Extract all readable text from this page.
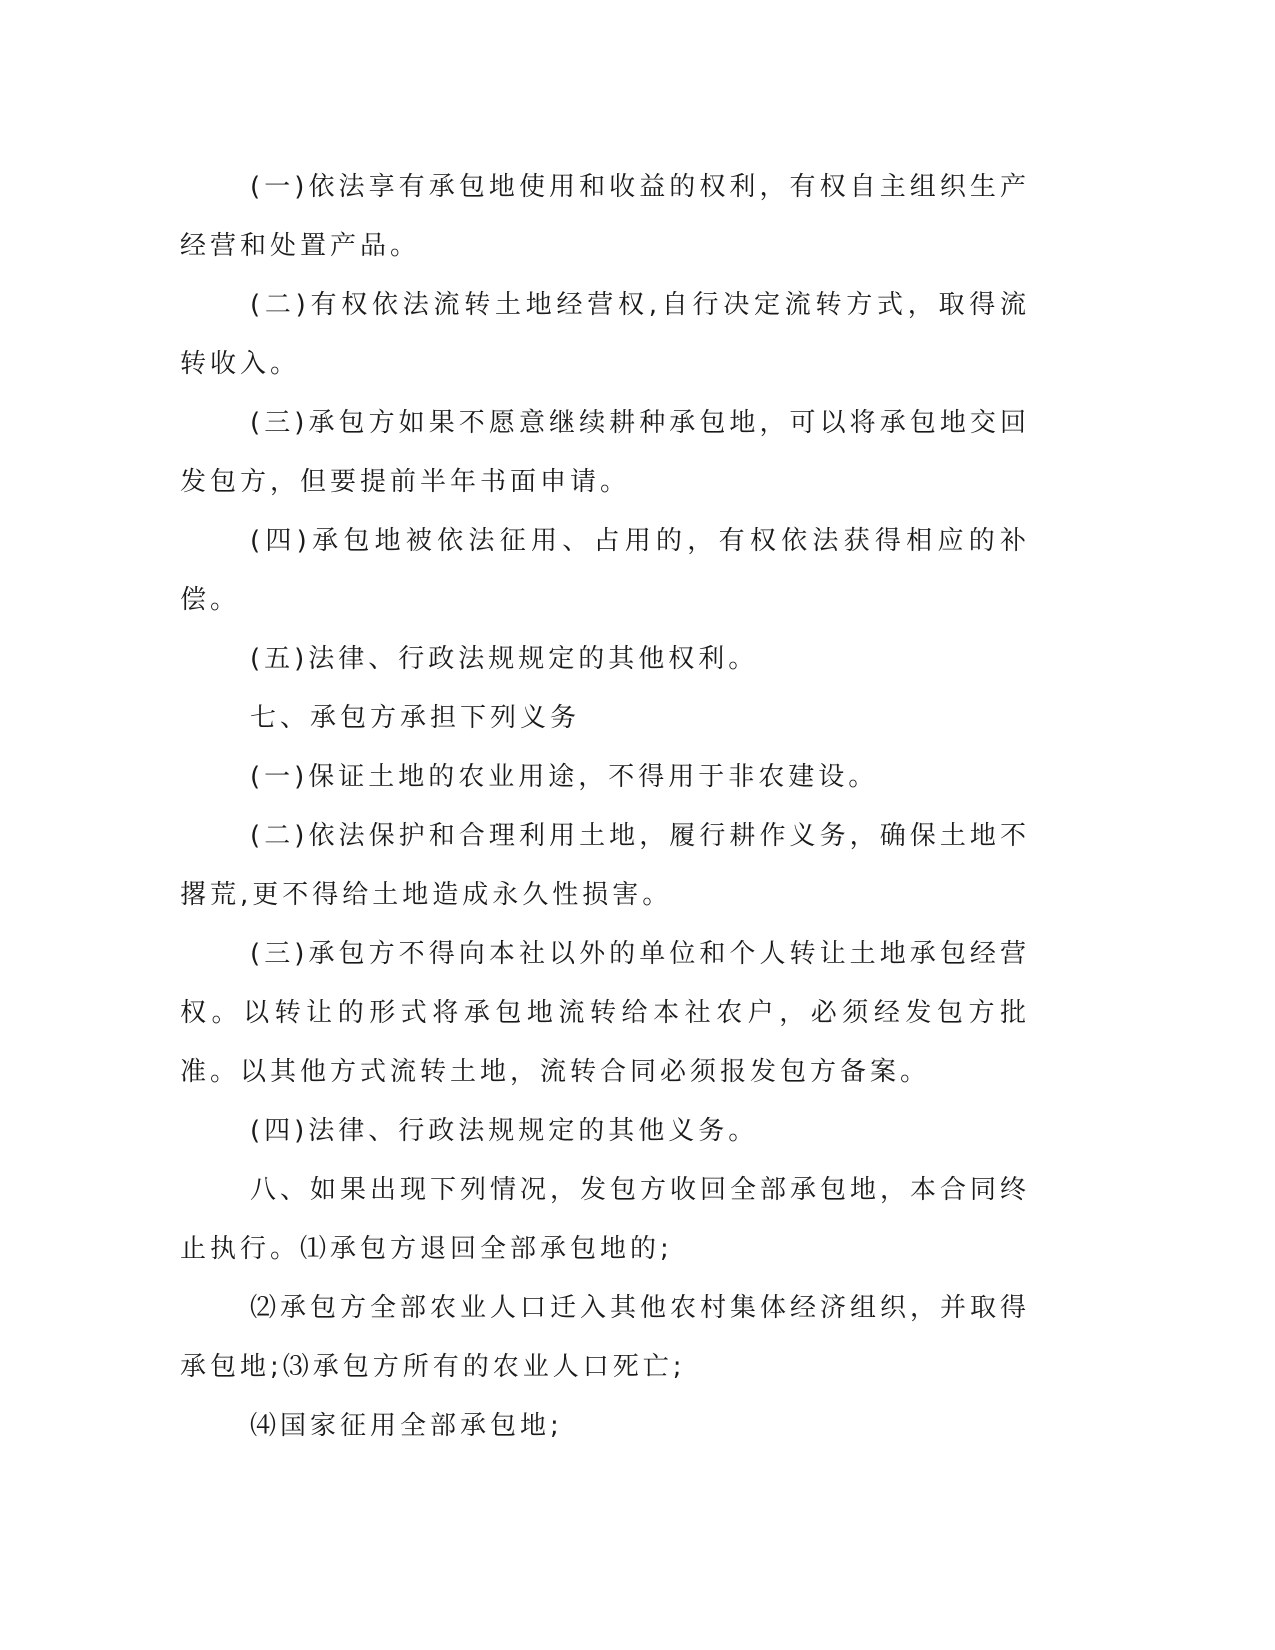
(一)依法享有承包地使用和收益的权利，有权自主组织生产经营和处置产品。

(二)有权依法流转土地经营权,自行决定流转方式，取得流转收入。

(三)承包方如果不愿意继续耕种承包地，可以将承包地交回发包方，但要提前半年书面申请。

(四)承包地被依法征用、占用的，有权依法获得相应的补偿。

(五)法律、行政法规规定的其他权利。

七、承包方承担下列义务

(一)保证土地的农业用途，不得用于非农建设。

(二)依法保护和合理利用土地，履行耕作义务，确保土地不撂荒,更不得给土地造成永久性损害。

(三)承包方不得向本社以外的单位和个人转让土地承包经营权。以转让的形式将承包地流转给本社农户，必须经发包方批准。以其他方式流转土地，流转合同必须报发包方备案。

(四)法律、行政法规规定的其他义务。

八、如果出现下列情况，发包方收回全部承包地，本合同终止执行。⑴承包方退回全部承包地的;

⑵承包方全部农业人口迁入其他农村集体经济组织，并取得承包地;⑶承包方所有的农业人口死亡;

⑷国家征用全部承包地;
